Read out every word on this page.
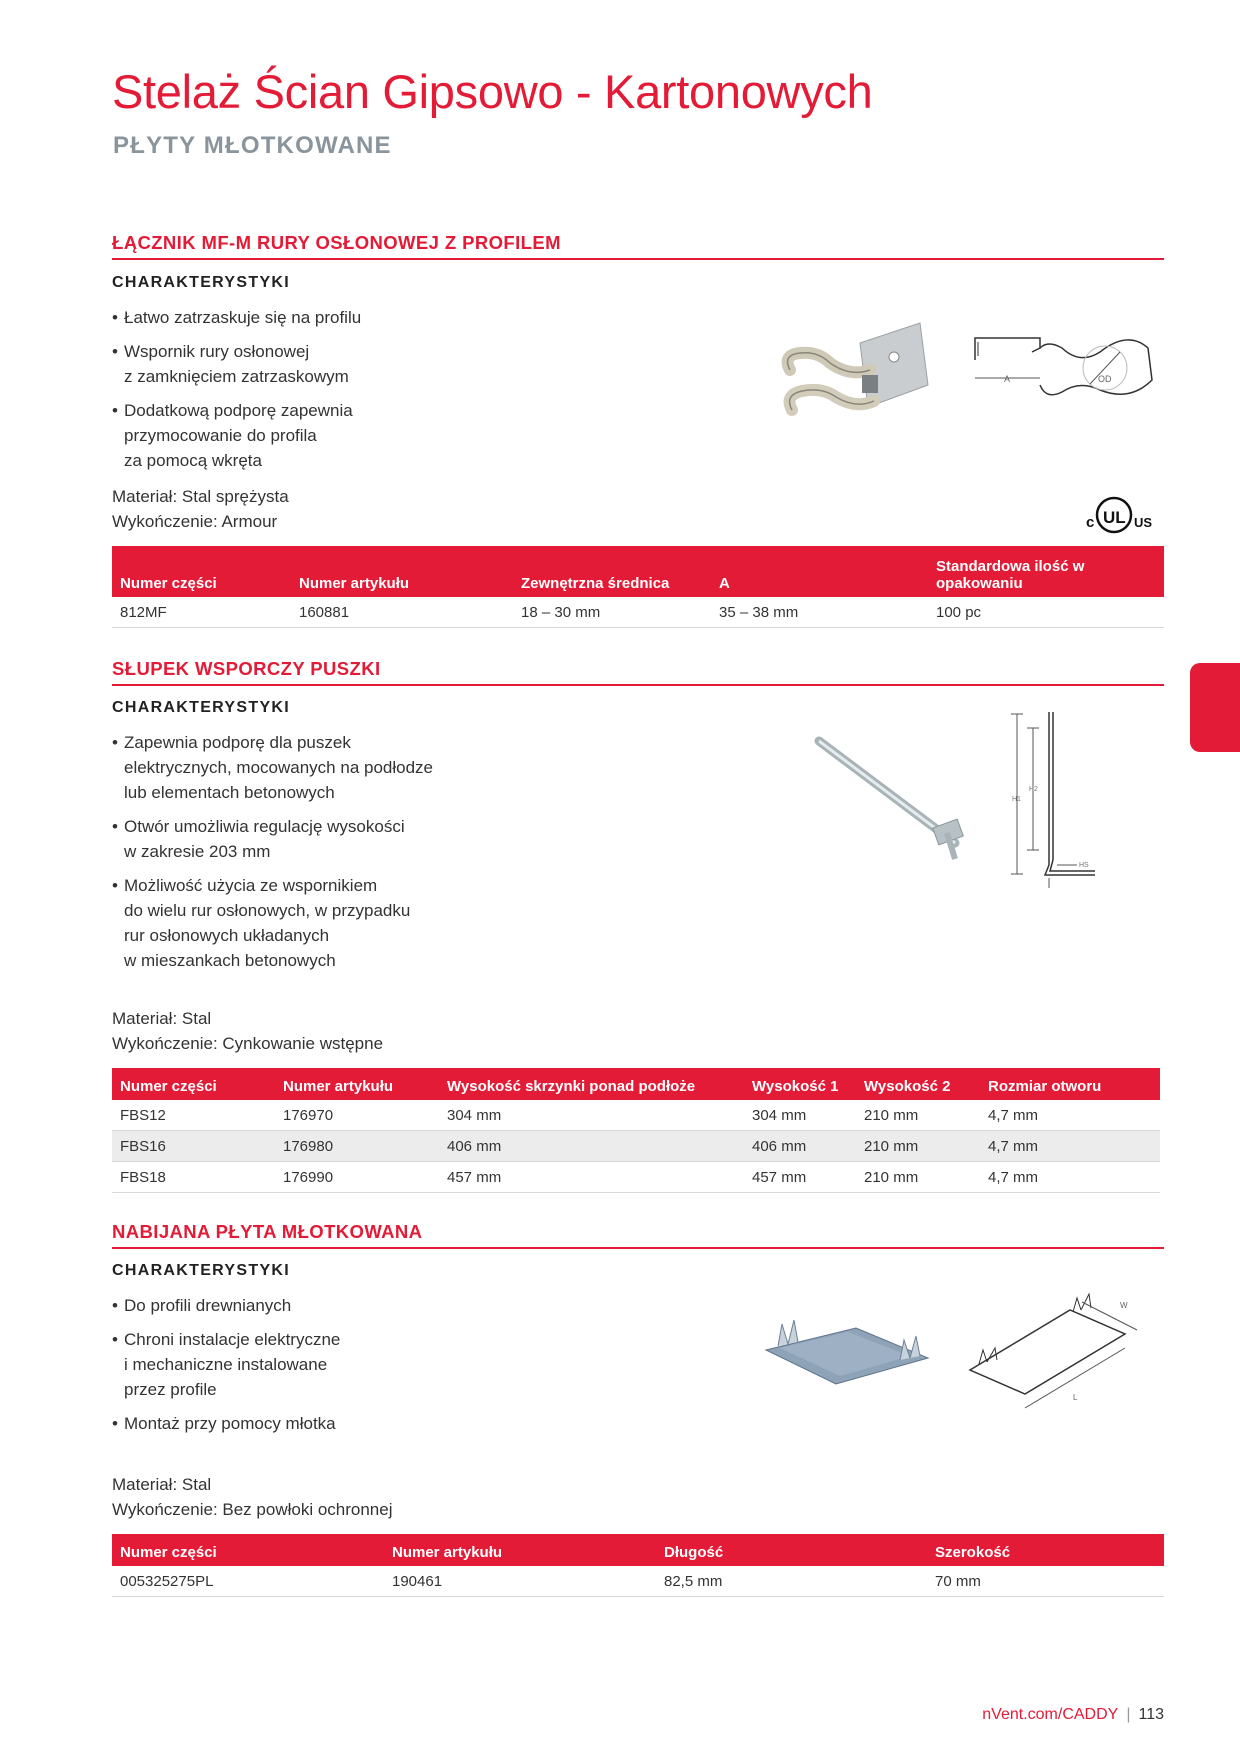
Stelaż Ścian Gipsowo - Kartonowych
PŁYTY MŁOTKOWANE
ŁĄCZNIK MF-M RURY OSŁONOWEJ Z PROFILEM
CHARAKTERYSTYKI
• Łatwo zatrzaskuje się na profilu
• Wspornik rury osłonowej
z zamknięciem zatrzaskowym
• Dodatkową podporę zapewnia
przymocowanie do profila
za pomocą wkręta
Materiał: Stal sprężysta
Wykończenie: Armour
A	OD
c UL US
Numer części	Numer artykułu	Zewnętrzna średnica	A	Standardowa ilość w opakowaniu
812MF	160881	18 – 30 mm	35 – 38 mm	100 pc
SŁUPEK WSPORCZY PUSZKI
CHARAKTERYSTYKI
• Zapewnia podporę dla puszek
elektrycznych, mocowanych na podłodze
lub elementach betonowych
• Otwór umożliwia regulację wysokości
w zakresie 203 mm
• Możliwość użycia ze wspornikiem
do wielu rur osłonowych, w przypadku
rur osłonowych układanych
w mieszankach betonowych
Materiał: Stal
Wykończenie: Cynkowanie wstępne
H1
H2
HS
Numer części	Numer artykułu	Wysokość skrzynki ponad podłoże	Wysokość 1	Wysokość 2	Rozmiar otworu
FBS12	176970	304 mm	304 mm	210 mm	4,7 mm
FBS16	176980	406 mm	406 mm	210 mm	4,7 mm
FBS18	176990	457 mm	457 mm	210 mm	4,7 mm
NABIJANA PŁYTA MŁOTKOWANA
CHARAKTERYSTYKI
• Do profili drewnianych
• Chroni instalacje elektryczne
i mechaniczne instalowane
przez profile
• Montaż przy pomocy młotka
Materiał: Stal
Wykończenie: Bez powłoki ochronnej
L
W
Numer części	Numer artykułu	Długość	Szerokość
005325275PL	190461	82,5 mm	70 mm
nVent.com/CADDY | 113
